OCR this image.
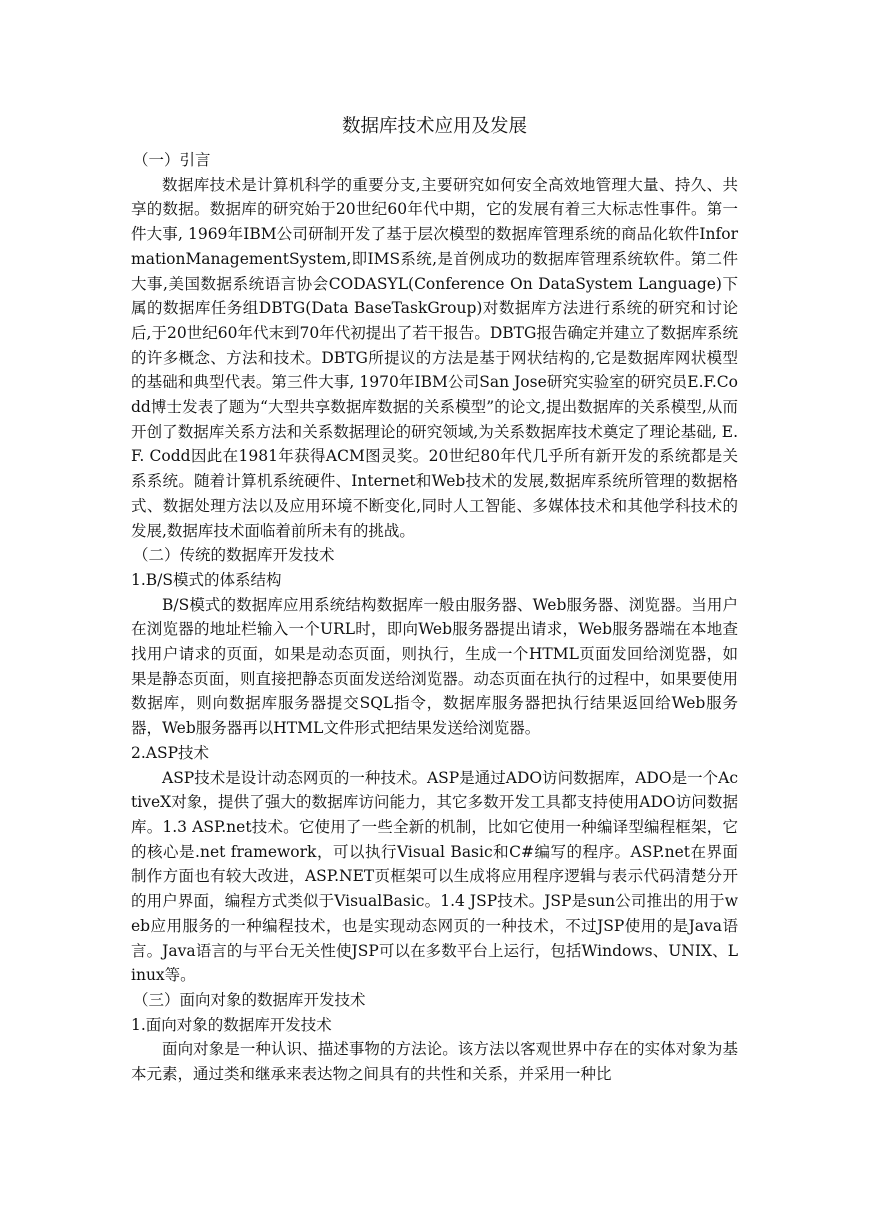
数据库技术应用及发展

（一）引言

数据库技术是计算机科学的重要分支,主要研究如何安全高效地管理大量、持久、共享的数据。数据库的研究始于20世纪60年代中期，它的发展有着三大标志性事件。第一件大事, 1969年IBM公司研制开发了基于层次模型的数据库管理系统的商品化软件InformationManagementSystem,即IMS系统,是首例成功的数据库管理系统软件。第二件大事,美国数据系统语言协会CODASYL(Conference On DataSystem Language)下属的数据库任务组DBTG(Data BaseTaskGroup)对数据库方法进行系统的研究和讨论后,于20世纪60年代末到70年代初提出了若干报告。DBTG报告确定并建立了数据库系统的许多概念、方法和技术。DBTG所提议的方法是基于网状结构的,它是数据库网状模型的基础和典型代表。第三件大事, 1970年IBM公司San Jose研究实验室的研究员E.F.Codd博士发表了题为“大型共享数据库数据的关系模型”的论文,提出数据库的关系模型,从而开创了数据库关系方法和关系数据理论的研究领域,为关系数据库技术奠定了理论基础, E. F. Codd因此在1981年获得ACM图灵奖。20世纪80年代几乎所有新开发的系统都是关系系统。随着计算机系统硬件、Internet和Web技术的发展,数据库系统所管理的数据格式、数据处理方法以及应用环境不断变化,同时人工智能、多媒体技术和其他学科技术的发展,数据库技术面临着前所未有的挑战。

（二）传统的数据库开发技术

1.B/S模式的体系结构

B/S模式的数据库应用系统结构数据库一般由服务器、Web服务器、浏览器。当用户在浏览器的地址栏输入一个URL时，即向Web服务器提出请求，Web服务器端在本地查找用户请求的页面，如果是动态页面，则执行，生成一个HTML页面发回给浏览器，如果是静态页面，则直接把静态页面发送给浏览器。动态页面在执行的过程中，如果要使用数据库，则向数据库服务器提交SQL指令，数据库服务器把执行结果返回给Web服务器，Web服务器再以HTML文件形式把结果发送给浏览器。

2.ASP技术

ASP技术是设计动态网页的一种技术。ASP是通过ADO访问数据库，ADO是一个ActiveX对象，提供了强大的数据库访问能力，其它多数开发工具都支持使用ADO访问数据库。1.3 ASP.net技术。它使用了一些全新的机制，比如它使用一种编译型编程框架，它的核心是.net framework，可以执行Visual Basic和C#编写的程序。ASP.net在界面制作方面也有较大改进，ASP.NET页框架可以生成将应用程序逻辑与表示代码清楚分开的用户界面，编程方式类似于VisualBasic。1.4 JSP技术。JSP是sun公司推出的用于web应用服务的一种编程技术，也是实现动态网页的一种技术，不过JSP使用的是Java语言。Java语言的与平台无关性使JSP可以在多数平台上运行，包括Windows、UNIX、Linux等。

（三）面向对象的数据库开发技术

1.面向对象的数据库开发技术

面向对象是一种认识、描述事物的方法论。该方法以客观世界中存在的实体对象为基本元素，通过类和继承来表达物之间具有的共性和关系，并采用一种比
